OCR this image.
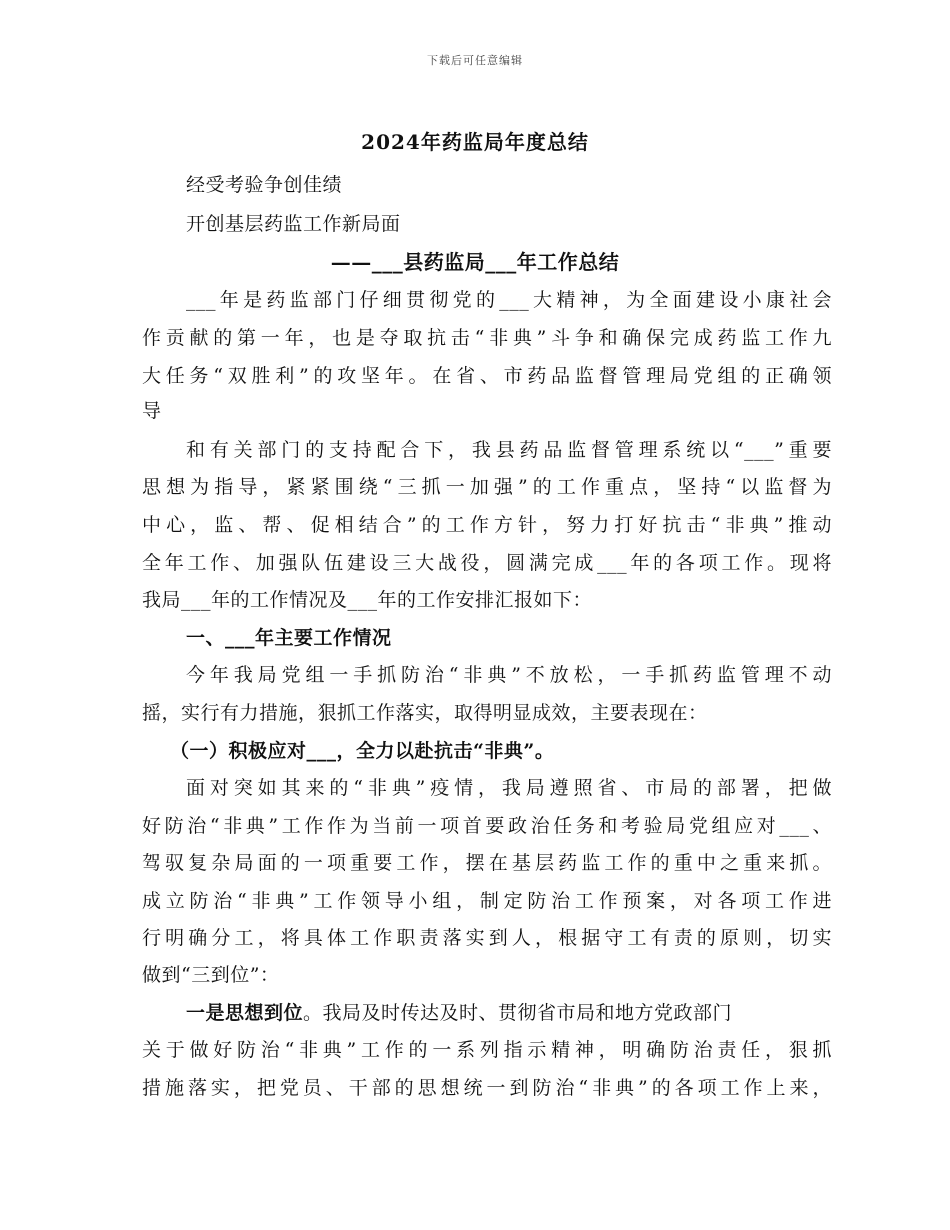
下载后可任意编辑
2024年药监局年度总结
经受考验争创佳绩
开创基层药监工作新局面
——___县药监局___年工作总结
___年是药监部门仔细贯彻党的___大精神，为全面建设小康社会
作贡献的第一年，也是夺取抗击“非典”斗争和确保完成药监工作九
大任务“双胜利”的攻坚年。在省、市药品监督管理局党组的正确领
导
和有关部门的支持配合下，我县药品监督管理系统以“___”重要
思想为指导，紧紧围绕“三抓一加强”的工作重点，坚持“以监督为
中心，监、帮、促相结合”的工作方针，努力打好抗击“非典”推动
全年工作、加强队伍建设三大战役，圆满完成___年的各项工作。现将
我局___年的工作情况及___年的工作安排汇报如下：
一、___年主要工作情况
今年我局党组一手抓防治“非典”不放松，一手抓药监管理不动
摇，实行有力措施，狠抓工作落实，取得明显成效，主要表现在：
（一）积极应对___，全力以赴抗击“非典”。
面对突如其来的“非典”疫情，我局遵照省、市局的部署，把做
好防治“非典”工作作为当前一项首要政治任务和考验局党组应对___、
驾驭复杂局面的一项重要工作，摆在基层药监工作的重中之重来抓。
成立防治“非典”工作领导小组，制定防治工作预案，对各项工作进
行明确分工，将具体工作职责落实到人，根据守工有责的原则，切实
做到“三到位”：
一是思想到位。我局及时传达及时、贯彻省市局和地方党政部门
关于做好防治“非典”工作的一系列指示精神，明确防治责任，狠抓
措施落实，把党员、干部的思想统一到防治“非典”的各项工作上来，
